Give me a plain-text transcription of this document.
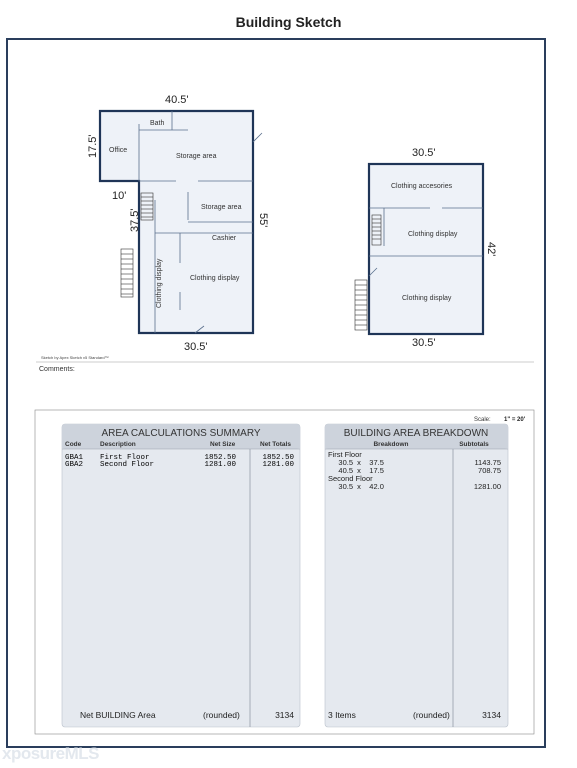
Building Sketch
Bath
Office
Storage area
Storage area
Cashier
Clothing display
Clothing display
40.5'
17.5'
10'
37.5'	55'
30.5'
Clothing accesories
Clothing display
Clothing display
30.5'
42'
30.5'
Sketch by Apex Sketch v5 Standard™
Comments:
Scale: 1" = 20'
AREA CALCULATIONS SUMMARY
Code	Description	Net Size	Net Totals
GBA1 First Floor	1852.50	1852.50
GBA2 Second Floor	1281.00	1281.00
Net BUILDING Area	(rounded)	3134
BUILDING AREA BREAKDOWN
Breakdown	Subtotals
First Floor
30.5  x    37.5	1143.75
40.5  x    17.5	708.75
Second Floor
30.5  x    42.0	1281.00
3 Items	(rounded)	3134
xposureMLS
